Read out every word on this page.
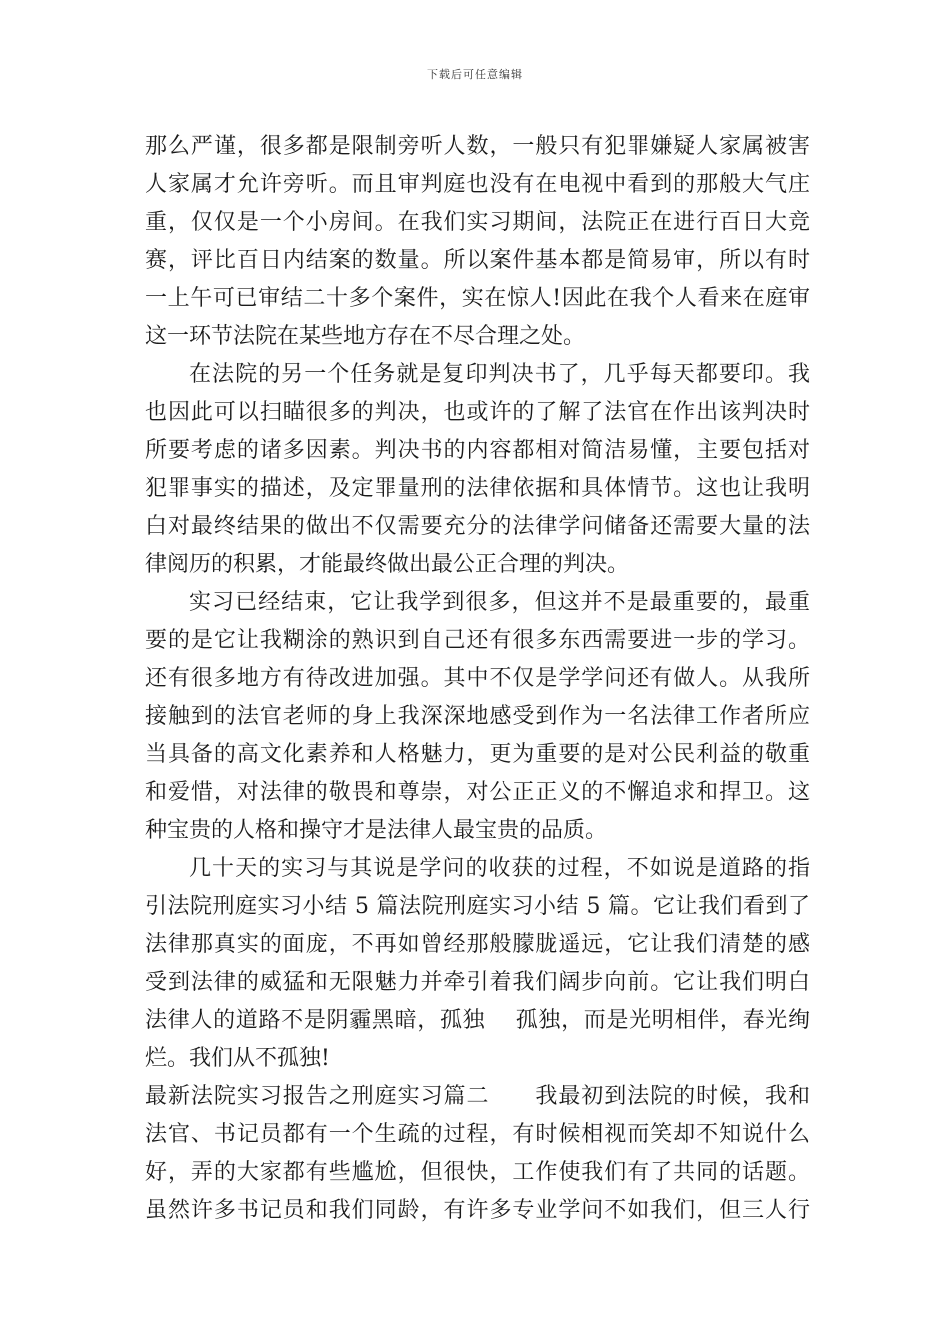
下载后可任意编辑
那么严谨，很多都是限制旁听人数，一般只有犯罪嫌疑人家属被害
人家属才允许旁听。而且审判庭也没有在电视中看到的那般大气庄
重，仅仅是一个小房间。在我们实习期间，法院正在进行百日大竞
赛，评比百日内结案的数量。所以案件基本都是简易审，所以有时
一上午可已审结二十多个案件，实在惊人!因此在我个人看来在庭审
这一环节法院在某些地方存在不尽合理之处。
在法院的另一个任务就是复印判决书了，几乎每天都要印。我
也因此可以扫瞄很多的判决，也或许的了解了法官在作出该判决时
所要考虑的诸多因素。判决书的内容都相对简洁易懂，主要包括对
犯罪事实的描述，及定罪量刑的法律依据和具体情节。这也让我明
白对最终结果的做出不仅需要充分的法律学问储备还需要大量的法
律阅历的积累，才能最终做出最公正合理的判决。
实习已经结束，它让我学到很多，但这并不是最重要的，最重
要的是它让我糊涂的熟识到自己还有很多东西需要进一步的学习。
还有很多地方有待改进加强。其中不仅是学学问还有做人。从我所
接触到的法官老师的身上我深深地感受到作为一名法律工作者所应
当具备的高文化素养和人格魅力，更为重要的是对公民利益的敬重
和爱惜，对法律的敬畏和尊崇，对公正正义的不懈追求和捍卫。这
种宝贵的人格和操守才是法律人最宝贵的品质。
几十天的实习与其说是学问的收获的过程，不如说是道路的指
引法院刑庭实习小结 5 篇法院刑庭实习小结 5 篇。它让我们看到了
法律那真实的面庞，不再如曾经那般朦胧遥远，它让我们清楚的感
受到法律的威猛和无限魅力并牵引着我们阔步向前。它让我们明白
法律人的道路不是阴霾黑暗，孤独　 孤独，而是光明相伴，春光绚
烂。我们从不孤独!
最新法院实习报告之刑庭实习篇二　　我最初到法院的时候，我和
法官、书记员都有一个生疏的过程，有时候相视而笑却不知说什么
好，弄的大家都有些尴尬，但很快，工作使我们有了共同的话题。
虽然许多书记员和我们同龄，有许多专业学问不如我们，但三人行
